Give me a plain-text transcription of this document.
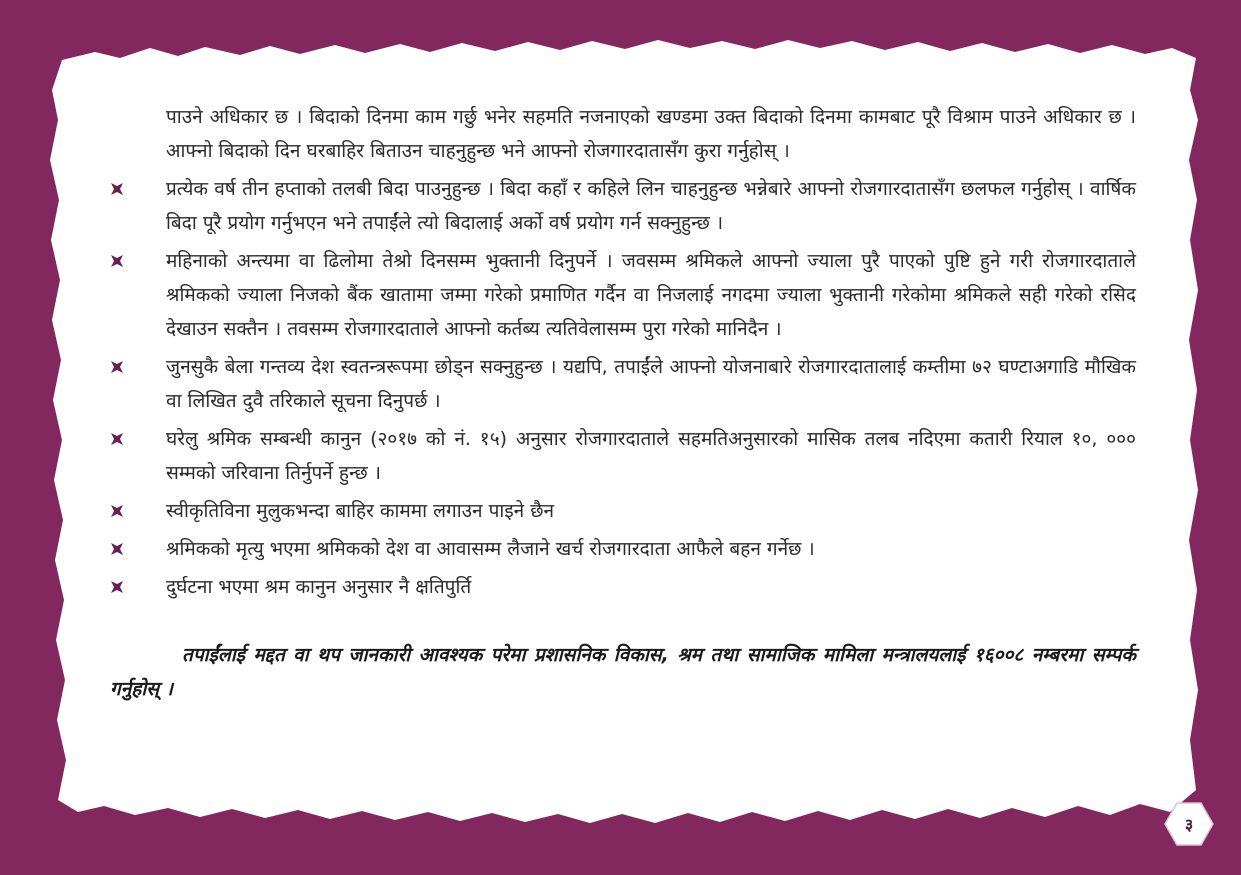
पाउने अधिकार छ । बिदाको दिनमा काम गर्छु भनेर सहमति नजनाएको खण्डमा उक्त बिदाको दिनमा कामबाट पूरै विश्राम पाउने अधिकार छ । आफ्नो बिदाको दिन घरबाहिर बिताउन चाहनुहुन्छ भने आफ्नो रोजगारदातासँग कुरा गर्नुहोस् ।

प्रत्येक वर्ष तीन हप्ताको तलबी बिदा पाउनुहुन्छ । बिदा कहाँ र कहिले लिन चाहनुहुन्छ भन्नेबारे आफ्नो रोजगारदातासँग छलफल गर्नुहोस् । वार्षिक बिदा पूरै प्रयोग गर्नुभएन भने तपाईंले त्यो बिदालाई अर्को वर्ष प्रयोग गर्न सक्नुहुन्छ ।

महिनाको अन्त्यमा वा ढिलोमा तेश्रो दिनसम्म भुक्तानी दिनुपर्ने । जवसम्म श्रमिकले आफ्नो ज्याला पुरै पाएको पुष्टि हुने गरी रोजगारदाताले श्रमिकको ज्याला निजको बैंक खातामा जम्मा गरेको प्रमाणित गर्दैन वा निजलाई नगदमा ज्याला भुक्तानी गरेकोमा श्रमिकले सही गरेको रसिद देखाउन सक्तैन । तवसम्म रोजगारदाताले आफ्नो कर्तब्य त्यतिवेलासम्म पुरा गरेको मानिदैन ।

जुनसुकै बेला गन्तव्य देश स्वतन्त्ररूपमा छोड्न सक्नुहुन्छ । यद्यपि, तपाईंले आफ्नो योजनाबारे रोजगारदातालाई कम्तीमा ७२ घण्टाअगाडि मौखिक वा लिखित दुवै तरिकाले सूचना दिनुपर्छ ।

घरेलु श्रमिक सम्बन्धी कानुन (२०१७ को नं. १५) अनुसार रोजगारदाताले सहमतिअनुसारको मासिक तलब नदिएमा कतारी रियाल १०, ००० सम्मको जरिवाना तिर्नुपर्ने हुन्छ ।

स्वीकृतिविना मुलुकभन्दा बाहिर काममा लगाउन पाइने छैन

श्रमिकको मृत्यु भएमा श्रमिकको देश वा आवासम्म लैजाने खर्च रोजगारदाता आफैले बहन गर्नेछ ।

दुर्घटना भएमा श्रम कानुन अनुसार नै क्षतिपुर्ति

तपाईंलाई मद्दत वा थप जानकारी आवश्यक परेमा प्रशासनिक विकास, श्रम तथा सामाजिक मामिला मन्त्रालयलाई १६००८ नम्बरमा सम्पर्क गर्नुहोस् ।

३
